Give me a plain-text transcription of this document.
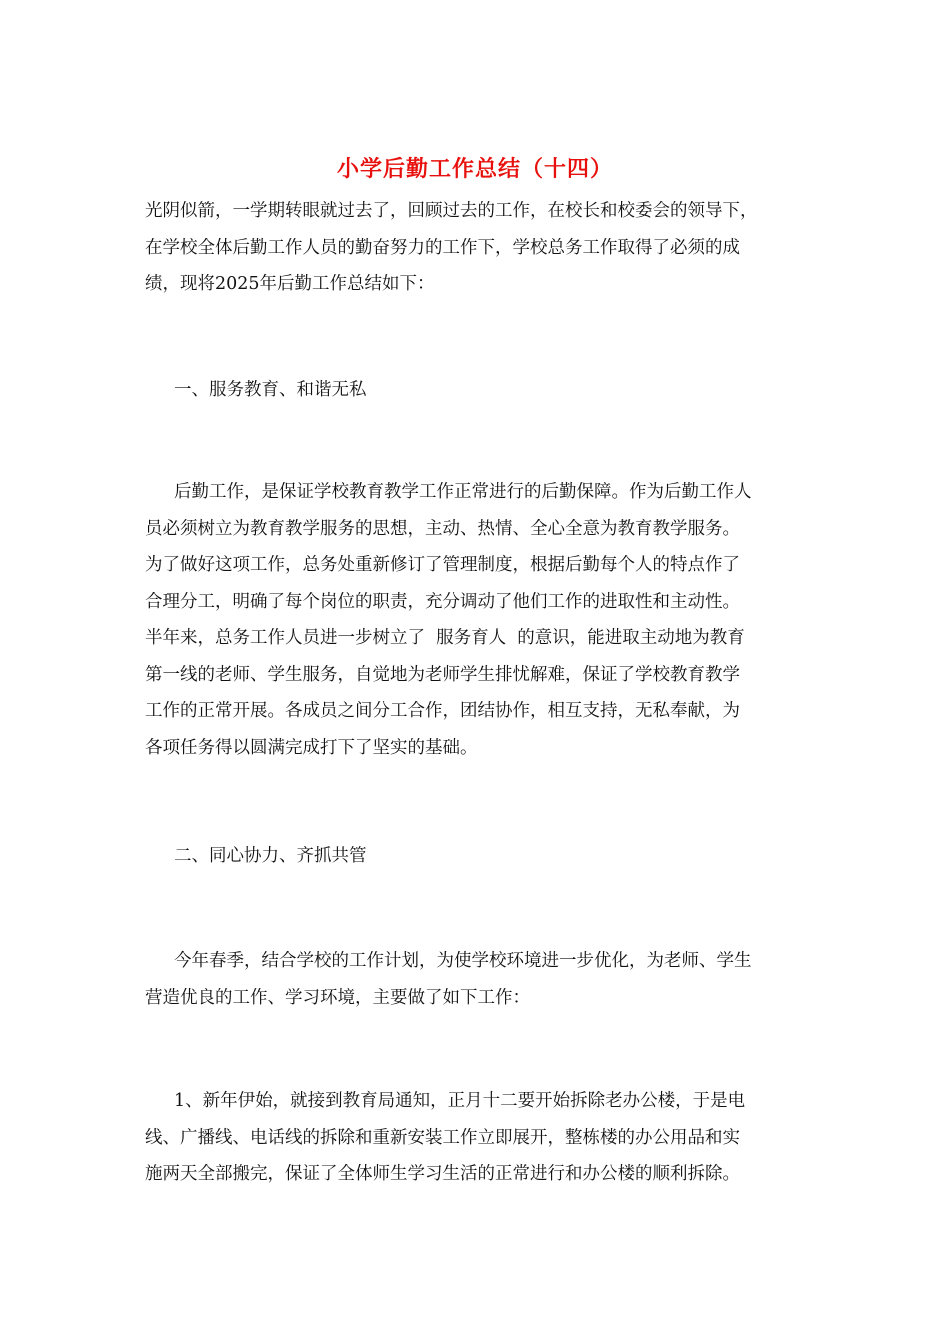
小学后勤工作总结（十四）

光阴似箭，一学期转眼就过去了，回顾过去的工作，在校长和校委会的领导下，
在学校全体后勤工作人员的勤奋努力的工作下，学校总务工作取得了必须的成
绩，现将2025年后勤工作总结如下：

一、服务教育、和谐无私

后勤工作，是保证学校教育教学工作正常进行的后勤保障。作为后勤工作人
员必须树立为教育教学服务的思想，主动、热情、全心全意为教育教学服务。
为了做好这项工作，总务处重新修订了管理制度，根据后勤每个人的特点作了
合理分工，明确了每个岗位的职责，充分调动了他们工作的进取性和主动性。
半年来，总务工作人员进一步树立了  服务育人  的意识，能进取主动地为教育
第一线的老师、学生服务，自觉地为老师学生排忧解难，保证了学校教育教学
工作的正常开展。各成员之间分工合作，团结协作，相互支持，无私奉献，为
各项任务得以圆满完成打下了坚实的基础。

二、同心协力、齐抓共管

今年春季，结合学校的工作计划，为使学校环境进一步优化，为老师、学生
营造优良的工作、学习环境，主要做了如下工作：

1、新年伊始，就接到教育局通知，正月十二要开始拆除老办公楼，于是电
线、广播线、电话线的拆除和重新安装工作立即展开，整栋楼的办公用品和实
施两天全部搬完，保证了全体师生学习生活的正常进行和办公楼的顺利拆除。
